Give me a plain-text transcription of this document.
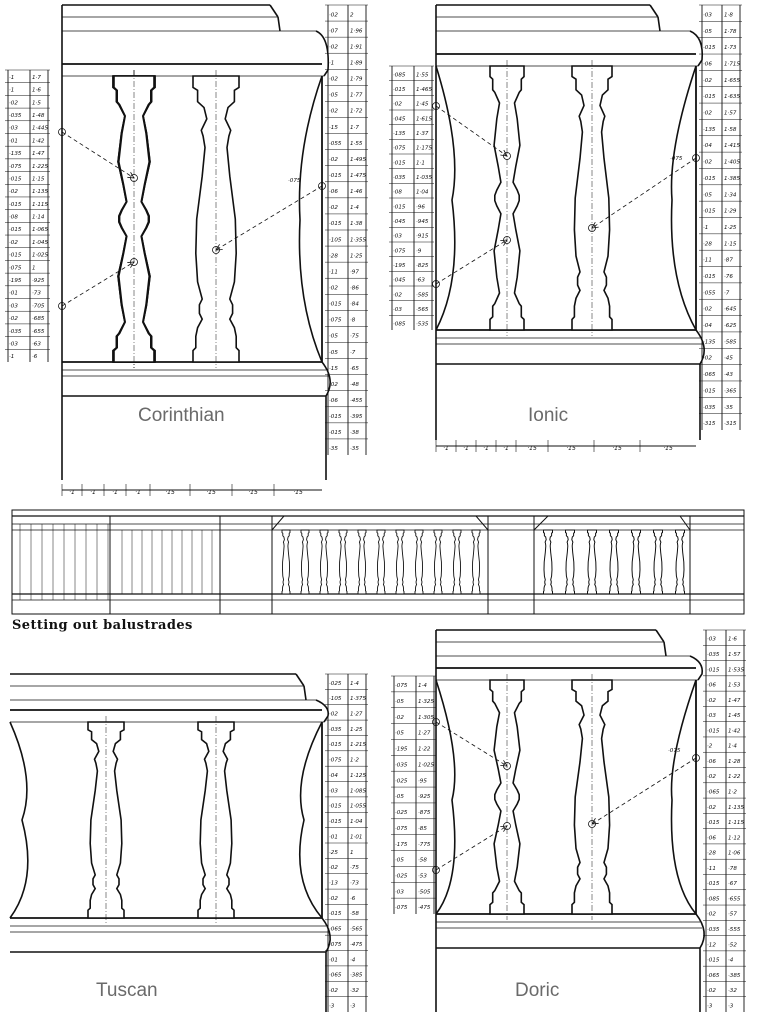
·075
·1	1·7
·1	1·6
·02	1·5
·035 1·48
·03	1·445
·01	1·42
·135 1·47
·075 1·225
·015 1·15
·02	1·135
·015 1·115
·08	1·14
·015 1·065
·02	1·045
·015 1·025
·075 1
·195 ·925
·01	·73
·03	·705
·02	·685
·035 ·655
·03	·63
·1	·6
·02 2
·07 1·96
·02 1·91
·1	1·89
·02 1·79
·05 1·77
·02 1·72
·15 1·7
·055 1·55
·02 1·495
·015 1·475
·06 1·46
·02 1·4
·015 1·38
·105 1·355
·28 1·25
·11 ·97
·02 ·86
·015 ·84
·075 ·8
·05 ·75
·05 ·7
·15 ·65
·02 ·48
·06 ·455
·015 ·395
·015 ·38
·35 ·35
·1	·1	·1	·1	·15	·15	·15	·15
·075
·085 1·55
·015 1·465
·02	1·45
·045 1·615
·135 1·37
·075 1·175
·015 1·1
·035 1·035
·08	1·04
·015 ·96
·045 ·945
·03	·915
·075 ·9
·195 ·825
·045 ·63
·02	·585
·03	·565
·085 ·535
·03 1·8
·05 1·78
·015 1·73
·06 1·715
·02 1·655
·015 1·635
·02 1·57
·135 1·58
·04 1·415
·02 1·405
·015 1·385
·05 1·34
·015 1·29
·1	1·25
·28 1·15
·11 ·87
·015 ·76
·055 ·7
·02 ·645
·04 ·625
·135 ·585
·02 ·45
·065 ·43
·015 ·365
·035 ·35
·315 ·315
·1 ·1 ·1 ·1	·15	·15	·15	·15
·025 1·4
·105 1·375
·02 1·27
·035 1·25
·015 1·215
·075 1·2
·04 1·125
·03 1·085
·015 1·055
·015 1·04
·01 1·01
·25 1
·02 ·75
·13 ·73
·02 ·6
·015 ·58
·065 ·565
·075 ·475
·01 ·4
·065 ·385
·02 ·32
·3	·3
·075
·075 1·4
·05	1·325
·02	1·305
·05	1·27
·195 1·22
·035 1·025
·025 ·95
·05	·925
·025 ·875
·075 ·85
·175 ·775
·05	·58
·025 ·53
·03	·505
·075 ·475
·03 1·6
·035 1·57
·015 1·535
·06 1·53
·02 1·47
·03 1·45
·015 1·42
·2	1·4
·06 1·28
·02 1·22
·065 1·2
·02 1·135
·015 1·115
·06 1·12
·28 1·06
·11 ·78
·015 ·67
·085 ·655
·02 ·57
·035 ·555
·12 ·52
·015 ·4
·065 ·385
·02 ·32
·3	·3
Corinthian	Ionic
Setting out balustrades
Tuscan	Doric
